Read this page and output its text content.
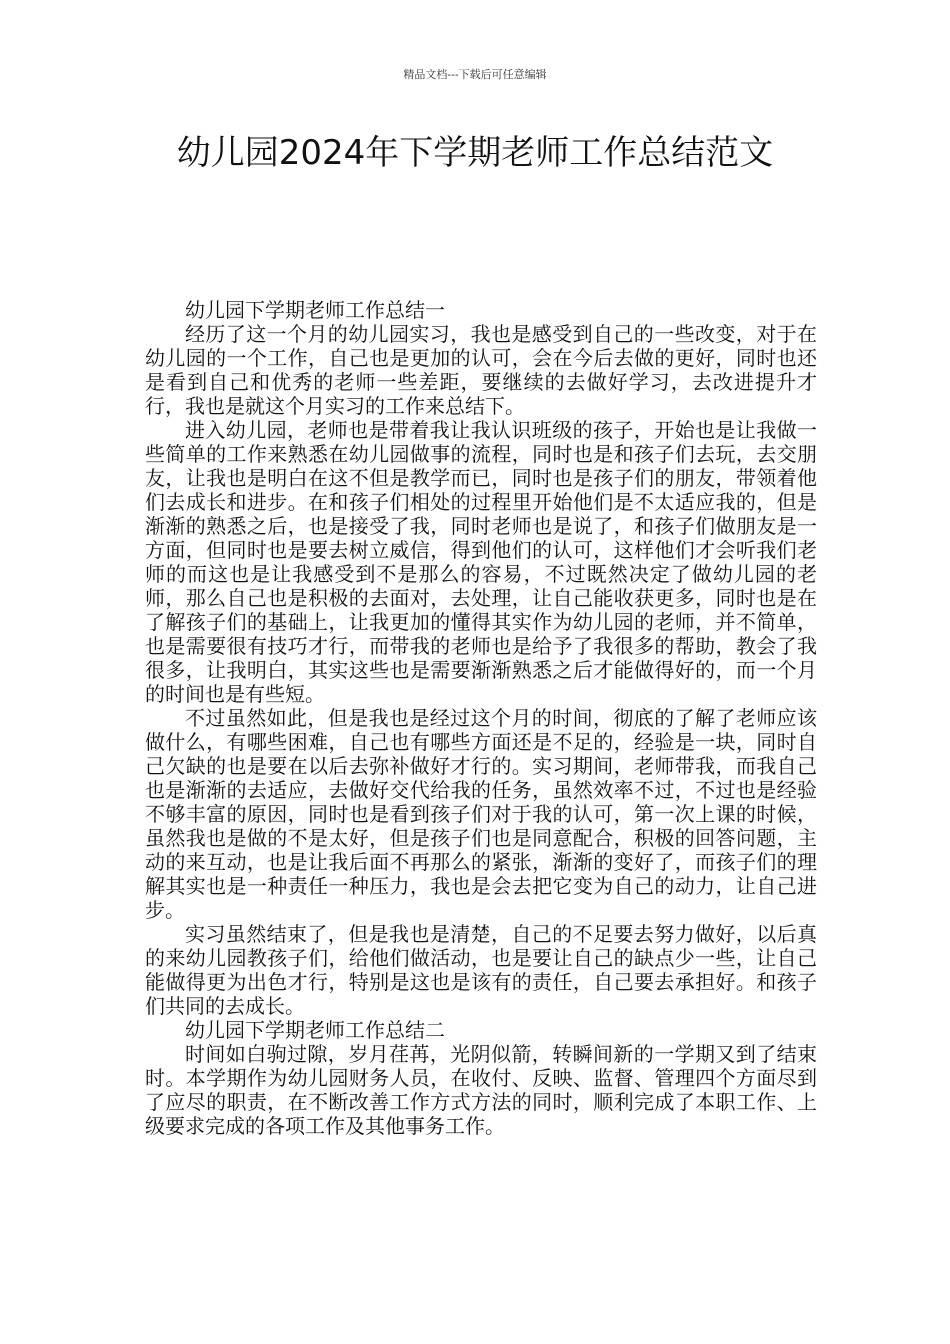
精品文档---下载后可任意编辑
幼儿园2024年下学期老师工作总结范文

幼儿园下学期老师工作总结一

经历了这一个月的幼儿园实习，我也是感受到自己的一些改变，对于在幼儿园的一个工作，自己也是更加的认可，会在今后去做的更好，同时也还是看到自己和优秀的老师一些差距，要继续的去做好学习，去改进提升才行，我也是就这个月实习的工作来总结下。

进入幼儿园，老师也是带着我让我认识班级的孩子，开始也是让我做一些简单的工作来熟悉在幼儿园做事的流程，同时也是和孩子们去玩，去交朋友，让我也是明白在这不但是教学而已，同时也是孩子们的朋友，带领着他们去成长和进步。在和孩子们相处的过程里开始他们是不太适应我的，但是渐渐的熟悉之后，也是接受了我，同时老师也是说了，和孩子们做朋友是一方面，但同时也是要去树立威信，得到他们的认可，这样他们才会听我们老师的而这也是让我感受到不是那么的容易，不过既然决定了做幼儿园的老师，那么自己也是积极的去面对，去处理，让自己能收获更多，同时也是在了解孩子们的基础上，让我更加的懂得其实作为幼儿园的老师，并不简单，也是需要很有技巧才行，而带我的老师也是给予了我很多的帮助，教会了我很多，让我明白，其实这些也是需要渐渐熟悉之后才能做得好的，而一个月的时间也是有些短。

不过虽然如此，但是我也是经过这个月的时间，彻底的了解了老师应该做什么，有哪些困难，自己也有哪些方面还是不足的，经验是一块，同时自己欠缺的也是要在以后去弥补做好才行的。实习期间，老师带我，而我自己也是渐渐的去适应，去做好交代给我的任务，虽然效率不过，不过也是经验不够丰富的原因，同时也是看到孩子们对于我的认可，第一次上课的时候，虽然我也是做的不是太好，但是孩子们也是同意配合，积极的回答问题，主动的来互动，也是让我后面不再那么的紧张，渐渐的变好了，而孩子们的理解其实也是一种责任一种压力，我也是会去把它变为自己的动力，让自己进步。

实习虽然结束了，但是我也是清楚，自己的不足要去努力做好，以后真的来幼儿园教孩子们，给他们做活动，也是要让自己的缺点少一些，让自己能做得更为出色才行，特别是这也是该有的责任，自己要去承担好。和孩子们共同的去成长。

幼儿园下学期老师工作总结二

时间如白驹过隙，岁月荏苒，光阴似箭，转瞬间新的一学期又到了结束时。本学期作为幼儿园财务人员，在收付、反映、监督、管理四个方面尽到了应尽的职责，在不断改善工作方式方法的同时，顺利完成了本职工作、上级要求完成的各项工作及其他事务工作。
